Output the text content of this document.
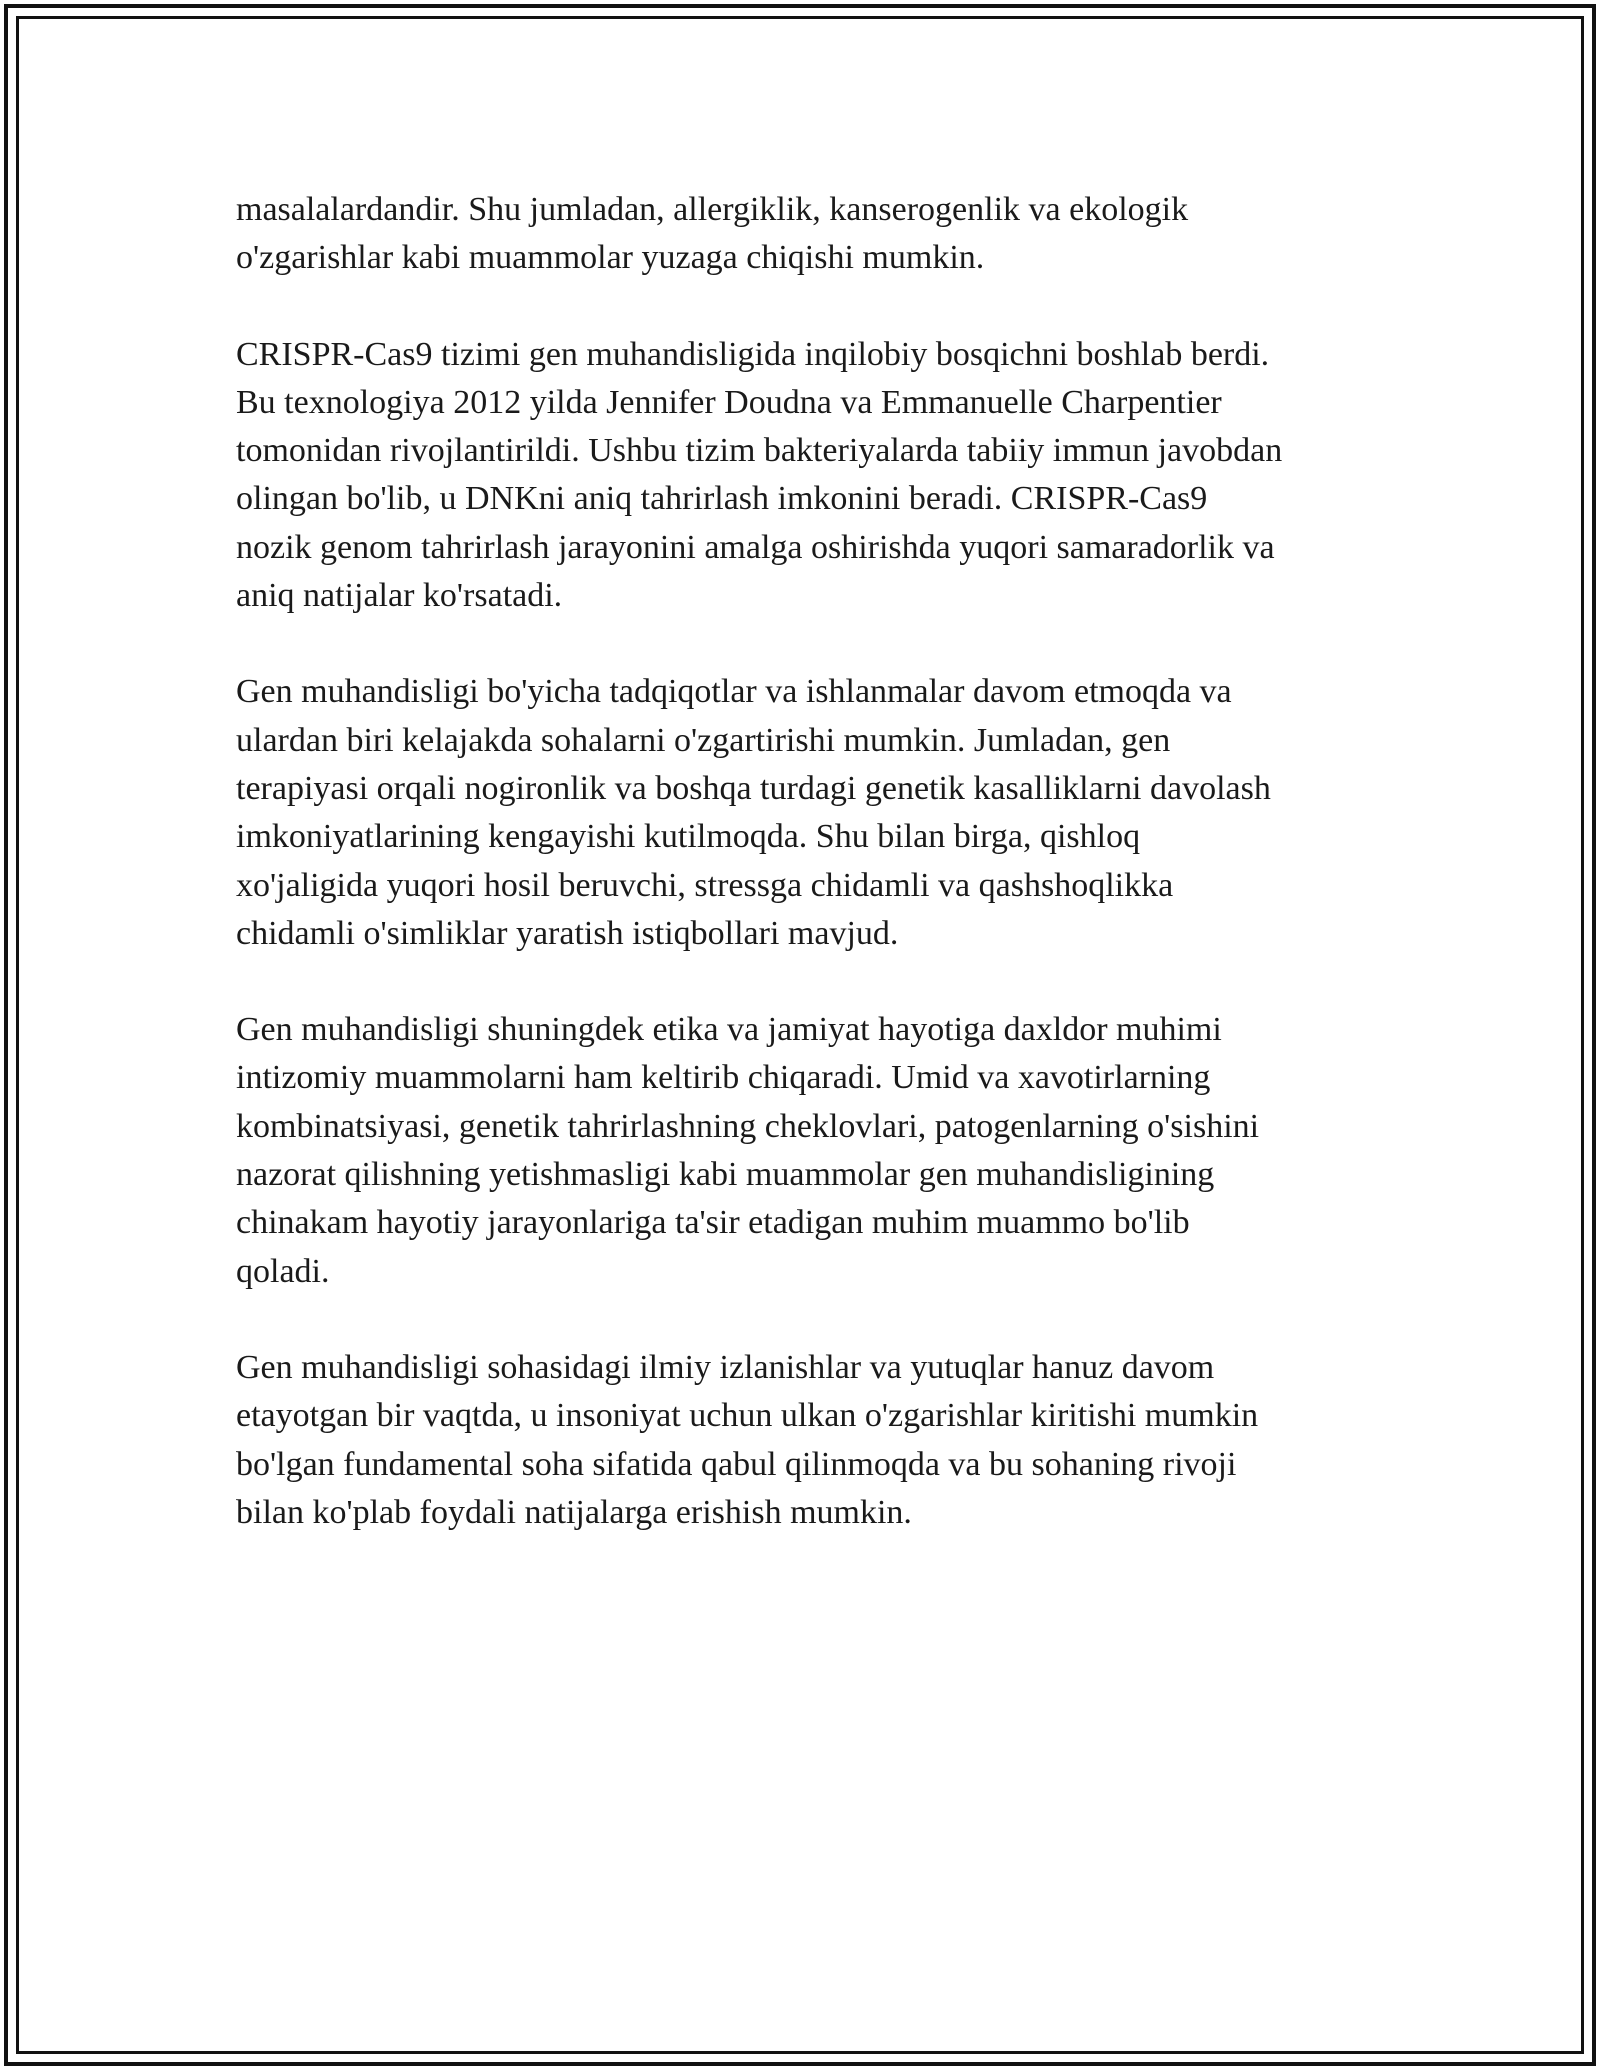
masalalardandir. Shu jumladan, allergiklik, kanserogenlik va ekologik
o'zgarishlar kabi muammolar yuzaga chiqishi mumkin.

CRISPR-Cas9 tizimi gen muhandisligida inqilobiy bosqichni boshlab berdi.
Bu texnologiya 2012 yilda Jennifer Doudna va Emmanuelle Charpentier
tomonidan rivojlantirildi. Ushbu tizim bakteriyalarda tabiiy immun javobdan
olingan bo'lib, u DNKni aniq tahrirlash imkonini beradi. CRISPR-Cas9
nozik genom tahrirlash jarayonini amalga oshirishda yuqori samaradorlik va
aniq natijalar ko'rsatadi.

Gen muhandisligi bo'yicha tadqiqotlar va ishlanmalar davom etmoqda va
ulardan biri kelajakda sohalarni o'zgartirishi mumkin. Jumladan, gen
terapiyasi orqali nogironlik va boshqa turdagi genetik kasalliklarni davolash
imkoniyatlarining kengayishi kutilmoqda. Shu bilan birga, qishloq
xo'jaligida yuqori hosil beruvchi, stressga chidamli va qashshoqlikka
chidamli o'simliklar yaratish istiqbollari mavjud.

Gen muhandisligi shuningdek etika va jamiyat hayotiga daxldor muhimi
intizomiy muammolarni ham keltirib chiqaradi. Umid va xavotirlarning
kombinatsiyasi, genetik tahrirlashning cheklovlari, patogenlarning o'sishini
nazorat qilishning yetishmasligi kabi muammolar gen muhandisligining
chinakam hayotiy jarayonlariga ta'sir etadigan muhim muammo bo'lib
qoladi.

Gen muhandisligi sohasidagi ilmiy izlanishlar va yutuqlar hanuz davom
etayotgan bir vaqtda, u insoniyat uchun ulkan o'zgarishlar kiritishi mumkin
bo'lgan fundamental soha sifatida qabul qilinmoqda va bu sohaning rivoji
bilan ko'plab foydali natijalarga erishish mumkin.
